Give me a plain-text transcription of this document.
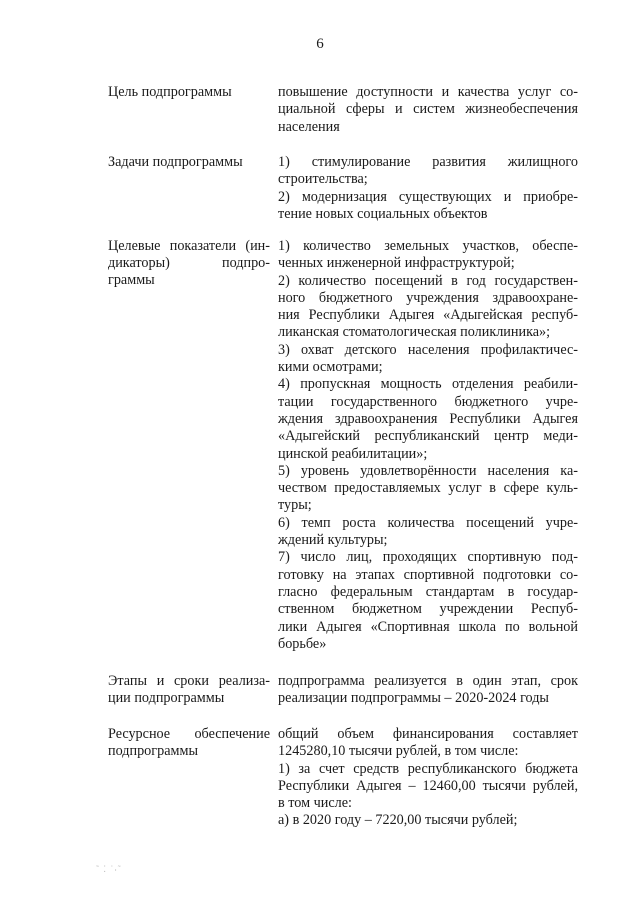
6
Цель подпрограммы	повышение доступности и качества услуг со-
циальной сферы и систем жизнеобеспечения
населения
Задачи подпрограммы	1) стимулирование развития жилищного
строительства;
2) модернизация существующих и приобре-
тение новых социальных объектов
Целевые показатели (ин-
дикаторы) подпро-
граммы
1) количество земельных участков, обеспе-
ченных инженерной инфраструктурой;
2) количество посещений в год государствен-
ного бюджетного учреждения здравоохране-
ния Республики Адыгея «Адыгейская респуб-
ликанская стоматологическая поликлиника»;
3) охват детского населения профилактичес-
кими осмотрами;
4) пропускная мощность отделения реабили-
тации государственного бюджетного учре-
ждения здравоохранения Республики Адыгея
«Адыгейский республиканский центр меди-
цинской реабилитации»;
5) уровень удовлетворённости населения ка-
чеством предоставляемых услуг в сфере куль-
туры;
6) темп роста количества посещений учре-
ждений культуры;
7) число лиц, проходящих спортивную под-
готовку на этапах спортивной подготовки со-
гласно федеральным стандартам в государ-
ственном бюджетном учреждении Респуб-
лики Адыгея «Спортивная школа по вольной
борьбе»
Этапы и сроки реализа-
ции подпрограммы
подпрограмма реализуется в один этап, срок
реализации подпрограммы – 2020-2024 годы
Ресурсное обеспечение
подпрограммы
общий объем финансирования составляет
1245280,10 тысячи рублей, в том числе:
1) за счет средств республиканского бюджета
Республики Адыгея – 12460,00 тысячи рублей,
в том числе:
а) в 2020 году – 7220,00 тысячи рублей;
˜ ⁚ ˙⸳˜
